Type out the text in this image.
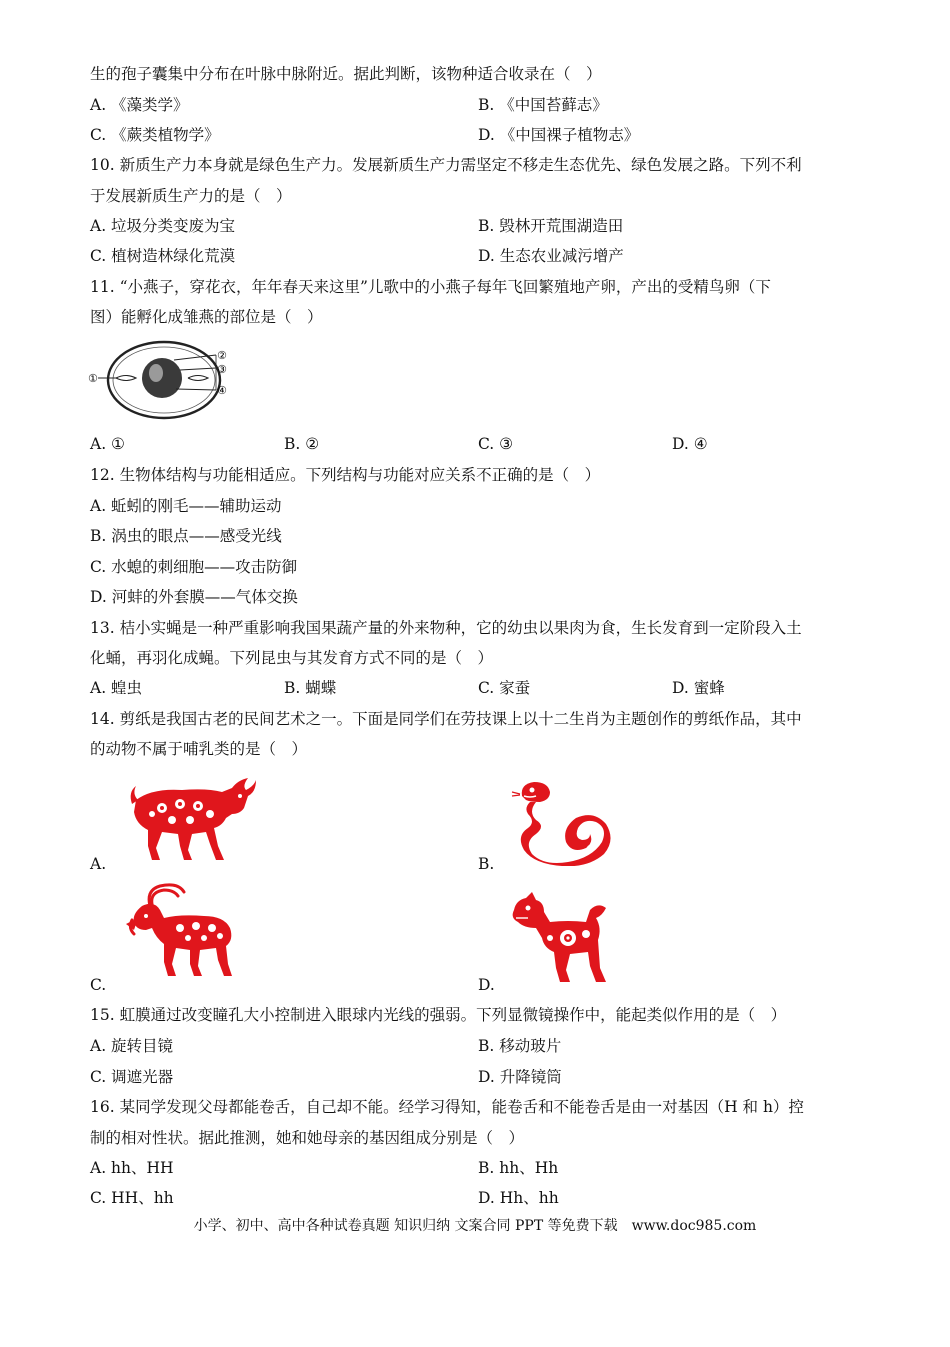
生的孢子囊集中分布在叶脉中脉附近。据此判断，该物种适合收录在（　）
A. 《藻类学》	B. 《中国苔藓志》
C. 《蕨类植物学》	D. 《中国裸子植物志》
10. 新质生产力本身就是绿色生产力。发展新质生产力需坚定不移走生态优先、绿色发展之路。下列不利
于发展新质生产力的是（　）
A. 垃圾分类变废为宝	B. 毁林开荒围湖造田
C. 植树造林绿化荒漠	D. 生态农业减污增产
11. “小燕子，穿花衣，年年春天来这里”儿歌中的小燕子每年飞回繁殖地产卵，产出的受精鸟卵（下
图）能孵化成雏燕的部位是（　）
①
②
③
④
A. ①	B. ②	C. ③	D. ④
12. 生物体结构与功能相适应。下列结构与功能对应关系不正确的是（　）
A. 蚯蚓的刚毛——辅助运动
B. 涡虫的眼点——感受光线
C. 水螅的刺细胞——攻击防御
D. 河蚌的外套膜——气体交换
13. 桔小实蝇是一种严重影响我国果蔬产量的外来物种，它的幼虫以果肉为食，生长发育到一定阶段入土
化蛹，再羽化成蝇。下列昆虫与其发育方式不同的是（　）
A. 蝗虫	B. 蝴蝶	C. 家蚕	D. 蜜蜂
14. 剪纸是我国古老的民间艺术之一。下面是同学们在劳技课上以十二生肖为主题创作的剪纸作品，其中
的动物不属于哺乳类的是（　）
A.	B.
C.	D.
15. 虹膜通过改变瞳孔大小控制进入眼球内光线的强弱。下列显微镜操作中，能起类似作用的是（　）
A. 旋转目镜	B. 移动玻片
C. 调遮光器	D. 升降镜筒
16. 某同学发现父母都能卷舌，自己却不能。经学习得知，能卷舌和不能卷舌是由一对基因（H 和 h）控
制的相对性状。据此推测，她和她母亲的基因组成分别是（　）
A. hh、HH	B. hh、Hh
C. HH、hh	D. Hh、hh
小学、初中、高中各种试卷真题 知识归纳 文案合同 PPT 等免费下载　www.doc985.com
